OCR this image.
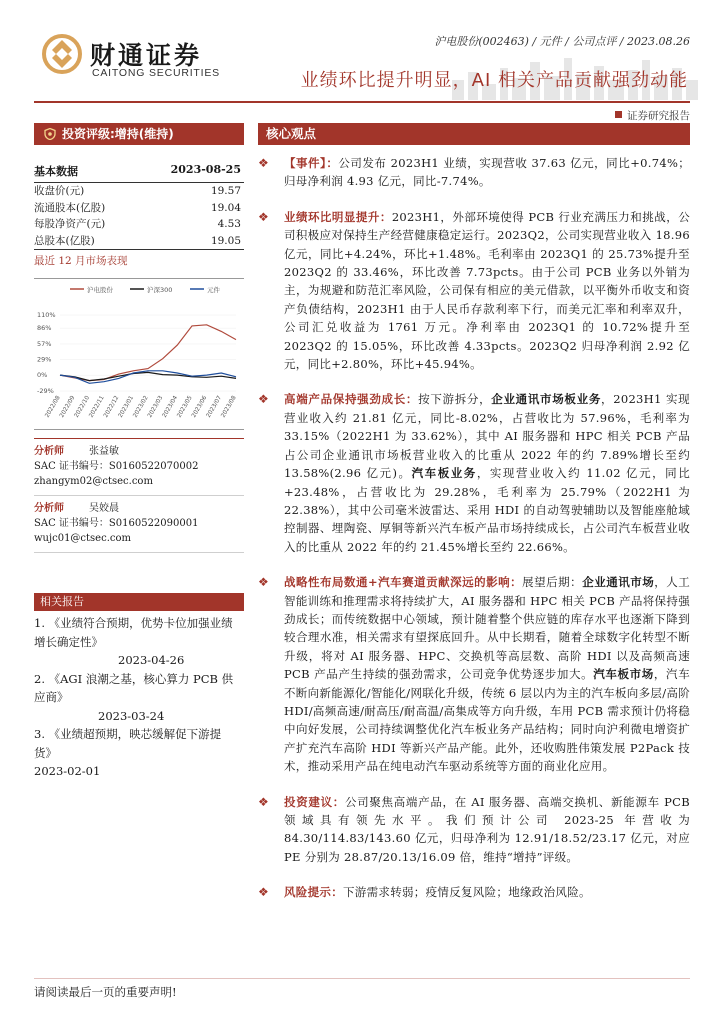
财通证券
CAITONG SECURITIES
沪电股份(002463) / 元件 / 公司点评 / 2023.08.26
业绩环比提升明显，AI 相关产品贡献强劲动能
证券研究报告
投资评级:增持(维持)
基本数据	2023-08-25
收盘价(元)	19.57
流通股本(亿股)	19.04
每股净资产(元)	4.53
总股本(亿股)	19.05
最近 12 月市场表现
沪电股份	沪深300	元件
110%
86%
57%
29%
0%
-29%
2022/08
2022/09
2022/10
2022/11
2022/12
2023/01
2023/02
2023/03
2023/04
2023/05
2023/06
2023/07
2023/08
分析师	张益敏
SAC 证书编号：S0160522070002
zhangym02@ctsec.com
分析师	吴姣晨
SAC 证书编号：S0160522090001
wujc01@ctsec.com
相关报告
1. 《业绩符合预期，优势卡位加强业绩增长确定性》
2023-04-26
2. 《AGI 浪潮之基，核心算力 PCB 供应商》
2023-03-24
3. 《业绩超预期，映芯缓解促下游提货》
2023-02-01
核心观点
❖ 【事件】：公司发布 2023H1 业绩，实现营收 37.63 亿元，同比+0.74%；归母净利润 4.93 亿元，同比-7.74%。
❖ 业绩环比明显提升：2023H1，外部环境使得 PCB 行业充满压力和挑战，公司积极应对保持生产经营健康稳定运行。2023Q2，公司实现营业收入 18.96 亿元，同比+4.24%，环比+1.48%。毛利率由 2023Q1 的 25.73%提升至 2023Q2 的 33.46%，环比改善 7.73pcts。由于公司 PCB 业务以外销为主，为规避和防范汇率风险，公司保有相应的美元借款，以平衡外币收支和资产负债结构，2023H1 由于人民币存款利率下行，而美元汇率和利率双升，公司汇兑收益为 1761 万元。净利率由 2023Q1 的 10.72%提升至 2023Q2 的 15.05%，环比改善 4.33pcts。2023Q2 归母净利润 2.92 亿元，同比+2.80%，环比+45.94%。
❖ 高端产品保持强劲成长：按下游拆分，企业通讯市场板业务，2023H1 实现营业收入约 21.81 亿元，同比-8.02%，占营收比为 57.96%，毛利率为 33.15%（2022H1 为 33.62%），其中 AI 服务器和 HPC 相关 PCB 产品占公司企业通讯市场板营业收入的比重从 2022 年的约 7.89%增长至约 13.58%(2.96 亿元)。汽车板业务，实现营业收入约 11.02 亿元，同比+23.48%，占营收比为 29.28%，毛利率为 25.79%（2022H1 为 22.38%），其中公司毫米波雷达、采用 HDI 的自动驾驶辅助以及智能座舱域控制器、埋陶瓷、厚铜等新兴汽车板产品市场持续成长，占公司汽车板营业收入的比重从 2022 年的约 21.45%增长至约 22.66%。
❖ 战略性布局数通+汽车赛道贡献深远的影响：展望后期：企业通讯市场，人工智能训练和推理需求将持续扩大，AI 服务器和 HPC 相关 PCB 产品将保持强劲成长；而传统数据中心领域，预计随着整个供应链的库存水平也逐渐下降到较合理水准，相关需求有望探底回升。从中长期看，随着全球数字化转型不断升级，将对 AI 服务器、HPC、交换机等高层数、高阶 HDI 以及高频高速 PCB 产品产生持续的强劲需求，公司竞争优势逐步加大。汽车板市场，汽车不断向新能源化/智能化/网联化升级，传统 6 层以内为主的汽车板向多层/高阶 HDI/高频高速/耐高压/耐高温/高集成等方向升级，车用 PCB 需求预计仍将稳中向好发展，公司持续调整优化汽车板业务产品结构；同时向沪利微电增资扩产扩充汽车高阶 HDI 等新兴产品产能。此外，还收购胜伟策发展 P2Pack 技术，推动采用产品在纯电动汽车驱动系统等方面的商业化应用。
❖ 投资建议：公司聚焦高端产品，在 AI 服务器、高端交换机、新能源车 PCB 领域具有领先水平。我们预计公司 2023-25 年营收为 84.30/114.83/143.60 亿元，归母净利为 12.91/18.52/23.17 亿元，对应 PE 分别为 28.87/20.13/16.09 倍，维持“增持”评级。
❖ 风险提示：下游需求转弱；疫情反复风险；地缘政治风险。
请阅读最后一页的重要声明!
